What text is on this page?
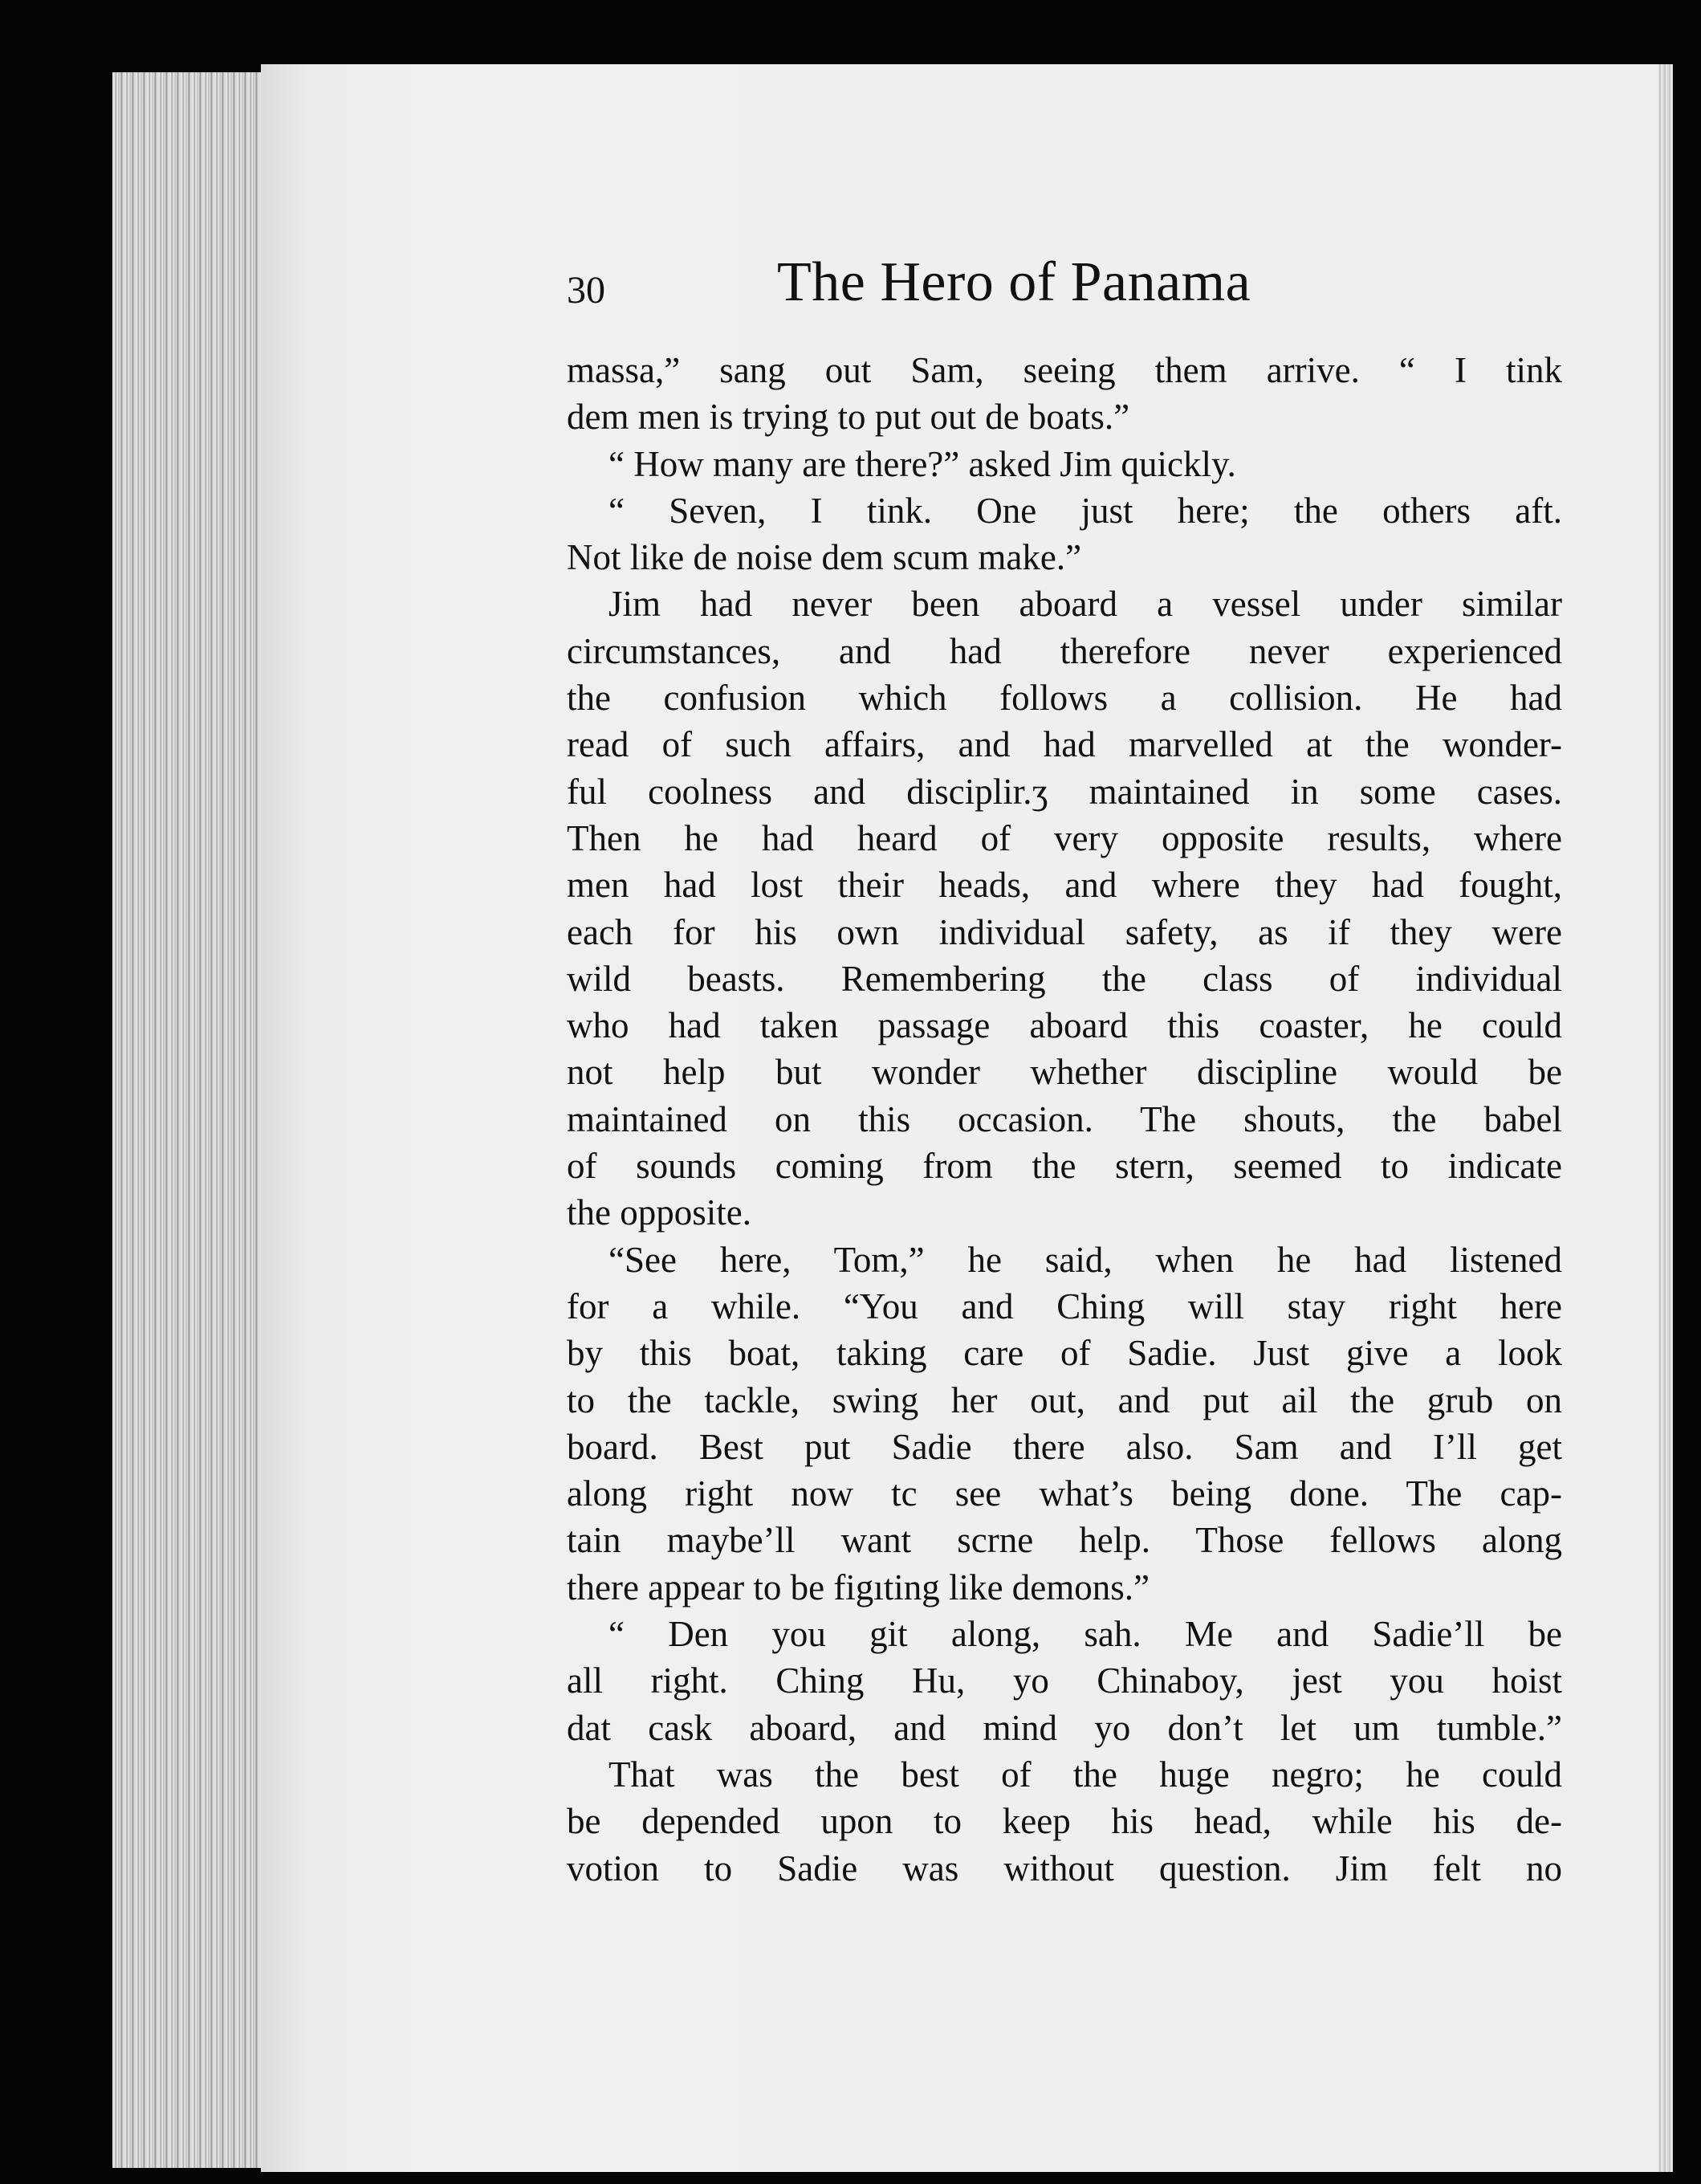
30	The Hero of Panama
massa,” sang out Sam, seeing them arrive. “ I tink
dem men is trying to put out de boats.”
“ How many are there?” asked Jim quickly.
“ Seven, I tink. One just here; the others aft.
Not like de noise dem scum make.”
Jim had never been aboard a vessel under similar
circumstances, and had therefore never experienced
the confusion which follows a collision. He had
read of such affairs, and had marvelled at the wonder-
ful coolness and disciplir.ʒ maintained in some cases.
Then he had heard of very opposite results, where
men had lost their heads, and where they had fought,
each for his own individual safety, as if they were
wild beasts. Remembering the class of individual
who had taken passage aboard this coaster, he could
not help but wonder whether discipline would be
maintained on this occasion. The shouts, the babel
of sounds coming from the stern, seemed to indicate
the opposite.
“See here, Tom,” he said, when he had listened
for a while. “You and Ching will stay right here
by this boat, taking care of Sadie. Just give a look
to the tackle, swing her out, and put ail the grub on
board. Best put Sadie there also. Sam and I’ll get
along right now tc see what’s being done. The cap-
tain maybe’ll want scrne help. Those fellows along
there appear to be figıting like demons.”
“ Den you git along, sah. Me and Sadie’ll be
all right. Ching Hu, yo Chinaboy, jest you hoist
dat cask aboard, and mind yo don’t let um tumble.”
That was the best of the huge negro; he could
be depended upon to keep his head, while his de-
votion to Sadie was without question. Jim felt no
